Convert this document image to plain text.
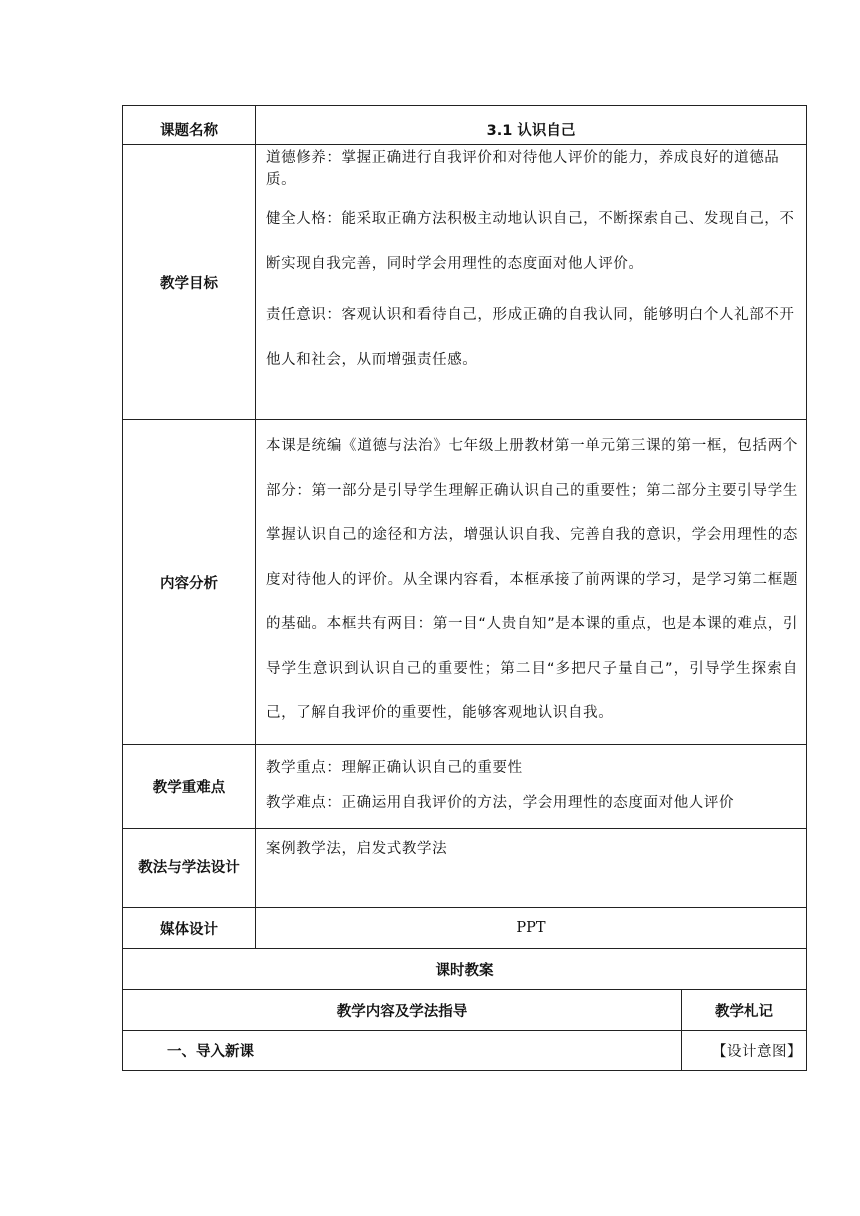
课题名称	3.1 认识自己	
教学目标	道德修养：掌握正确进行自我评价和对待他人评价的能力，养成良好的道德品质。

健全人格：能采取正确方法积极主动地认识自己，不断探索自己、发现自己，不断实现自我完善，同时学会用理性的态度面对他人评价。

责任意识：客观认识和看待自己，形成正确的自我认同，能够明白个人礼部不开他人和社会，从而增强责任感。	

内容分析	本课是统编《道德与法治》七年级上册教材第一单元第三课的第一框，包括两个部分：第一部分是引导学生理解正确认识自己的重要性；第二部分主要引导学生掌握认识自己的途径和方法，增强认识自我、完善自我的意识，学会用理性的态度对待他人的评价。从全课内容看，本框承接了前两课的学习，是学习第二框题的基础。本框共有两目：第一目“人贵自知”是本课的重点，也是本课的难点，引导学生意识到认识自己的重要性；第二目“多把尺子量自己”，引导学生探索自己，了解自我评价的重要性，能够客观地认识自我。	

教学重难点	教学重点：理解正确认识自己的重要性

教学难点：正确运用自我评价的方法，学会用理性的态度面对他人评价	

教法与学法设计	案例教学法，启发式教学法	

媒体设计	PPT	
课时教案		
教学内容及学法指导		教学札记
一、导入新课		【设计意图】
